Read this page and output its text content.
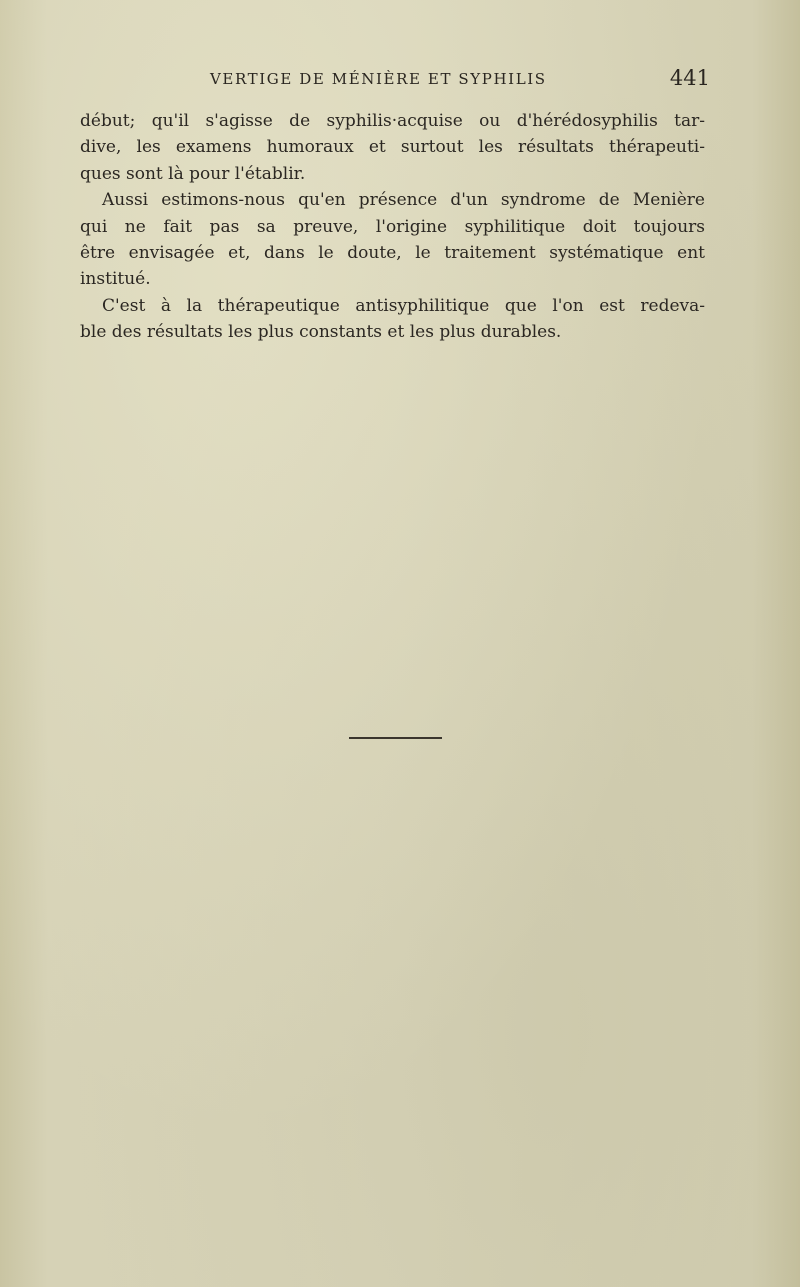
VERTIGE DE MÉNIÈRE ET SYPHILIS	441
début; qu'il s'agisse de syphilis·acquise ou d'hérédosyphilis tar-
dive, les examens humoraux et surtout les résultats thérapeuti-
ques sont là pour l'établir.
Aussi estimons-nous qu'en présence d'un syndrome de Menière
qui ne fait pas sa preuve, l'origine syphilitique doit toujours
être envisagée et, dans le doute, le traitement systématique ent
institué.
C'est à la thérapeutique antisyphilitique que l'on est redeva-
ble des résultats les plus constants et les plus durables.
